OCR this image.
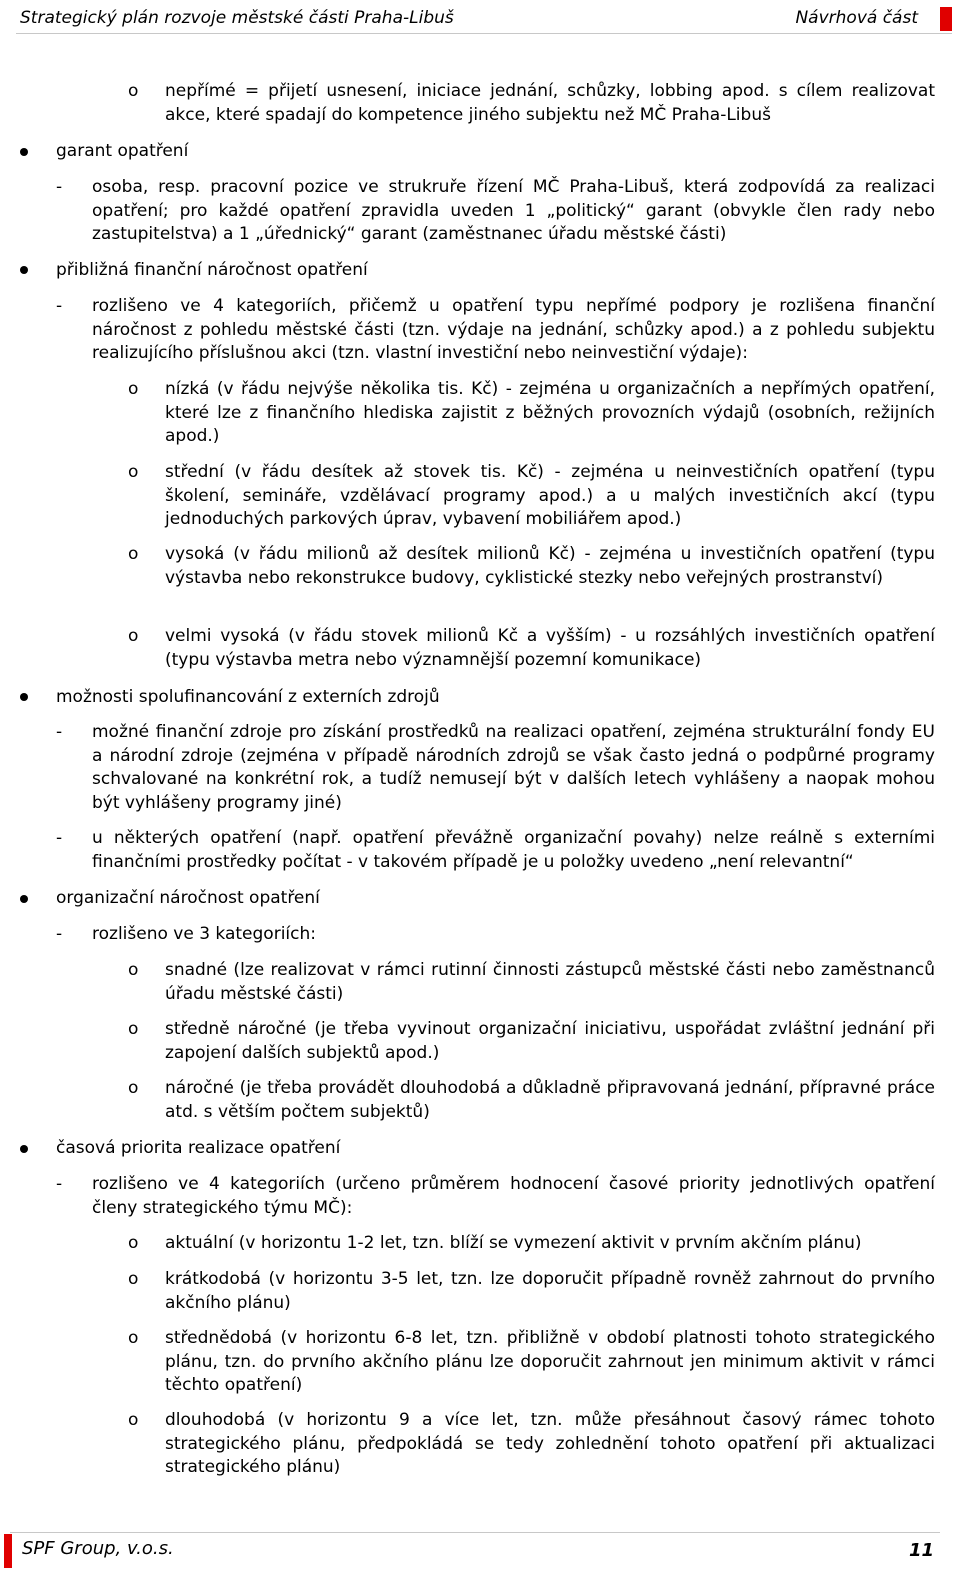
Strategický plán rozvoje městské části Praha-Libuš	Návrhová část
o nepřímé = přijetí usnesení, iniciace jednání, schůzky, lobbing apod. s cílem realizovat akce, které spadají do kompetence jiného subjektu než MČ Praha-Libuš
garant opatření
- osoba, resp. pracovní pozice ve strukruře řízení MČ Praha-Libuš, která zodpovídá za realizaci opatření; pro každé opatření zpravidla uveden 1 „politický“ garant (obvykle člen rady nebo zastupitelstva) a 1 „úřednický“ garant (zaměstnanec úřadu městské části)
přibližná finanční náročnost opatření
- rozlišeno ve 4 kategoriích, přičemž u opatření typu nepřímé podpory je rozlišena finanční náročnost z pohledu městské části (tzn. výdaje na jednání, schůzky apod.) a z pohledu subjektu realizujícího příslušnou akci (tzn. vlastní investiční nebo neinvestiční výdaje):
o nízká (v řádu nejvýše několika tis. Kč) - zejména u organizačních a nepřímých opatření, které lze z finančního hlediska zajistit z běžných provozních výdajů (osobních, režijních apod.)
o střední (v řádu desítek až stovek tis. Kč) - zejména u neinvestičních opatření (typu školení, semináře, vzdělávací programy apod.) a u malých investičních akcí (typu jednoduchých parkových úprav, vybavení mobiliářem apod.)
o vysoká (v řádu milionů až desítek milionů Kč) - zejména u investičních opatření (typu výstavba nebo rekonstrukce budovy, cyklistické stezky nebo veřejných prostranství)
o velmi vysoká (v řádu stovek milionů Kč a vyšším) - u rozsáhlých investičních opatření (typu výstavba metra nebo významnější pozemní komunikace)
možnosti spolufinancování z externích zdrojů
- možné finanční zdroje pro získání prostředků na realizaci opatření, zejména strukturální fondy EU a národní zdroje (zejména v případě národních zdrojů se však často jedná o podpůrné programy schvalované na konkrétní rok, a tudíž nemusejí být v dalších letech vyhlášeny a naopak mohou být vyhlášeny programy jiné)
- u některých opatření (např. opatření převážně organizační povahy) nelze reálně s externími finančními prostředky počítat - v takovém případě je u položky uvedeno „není relevantní“
organizační náročnost opatření
- rozlišeno ve 3 kategoriích:
o snadné (lze realizovat v rámci rutinní činnosti zástupců městské části nebo zaměstnanců úřadu městské části)
o středně náročné (je třeba vyvinout organizační iniciativu, uspořádat zvláštní jednání při zapojení dalších subjektů apod.)
o náročné (je třeba provádět dlouhodobá a důkladně připravovaná jednání, přípravné práce atd. s větším počtem subjektů)
časová priorita realizace opatření
- rozlišeno ve 4 kategoriích (určeno průměrem hodnocení časové priority jednotlivých opatření členy strategického týmu MČ):
o aktuální (v horizontu 1-2 let, tzn. blíží se vymezení aktivit v prvním akčním plánu)
o krátkodobá (v horizontu 3-5 let, tzn. lze doporučit případně rovněž zahrnout do prvního akčního plánu)
o střednědobá (v horizontu 6-8 let, tzn. přibližně v období platnosti tohoto strategického plánu, tzn. do prvního akčního plánu lze doporučit zahrnout jen minimum aktivit v rámci těchto opatření)
o dlouhodobá (v horizontu 9 a více let, tzn. může přesáhnout časový rámec tohoto strategického plánu, předpokládá se tedy zohlednění tohoto opatření při aktualizaci strategického plánu)
SPF Group, v.o.s.	11
